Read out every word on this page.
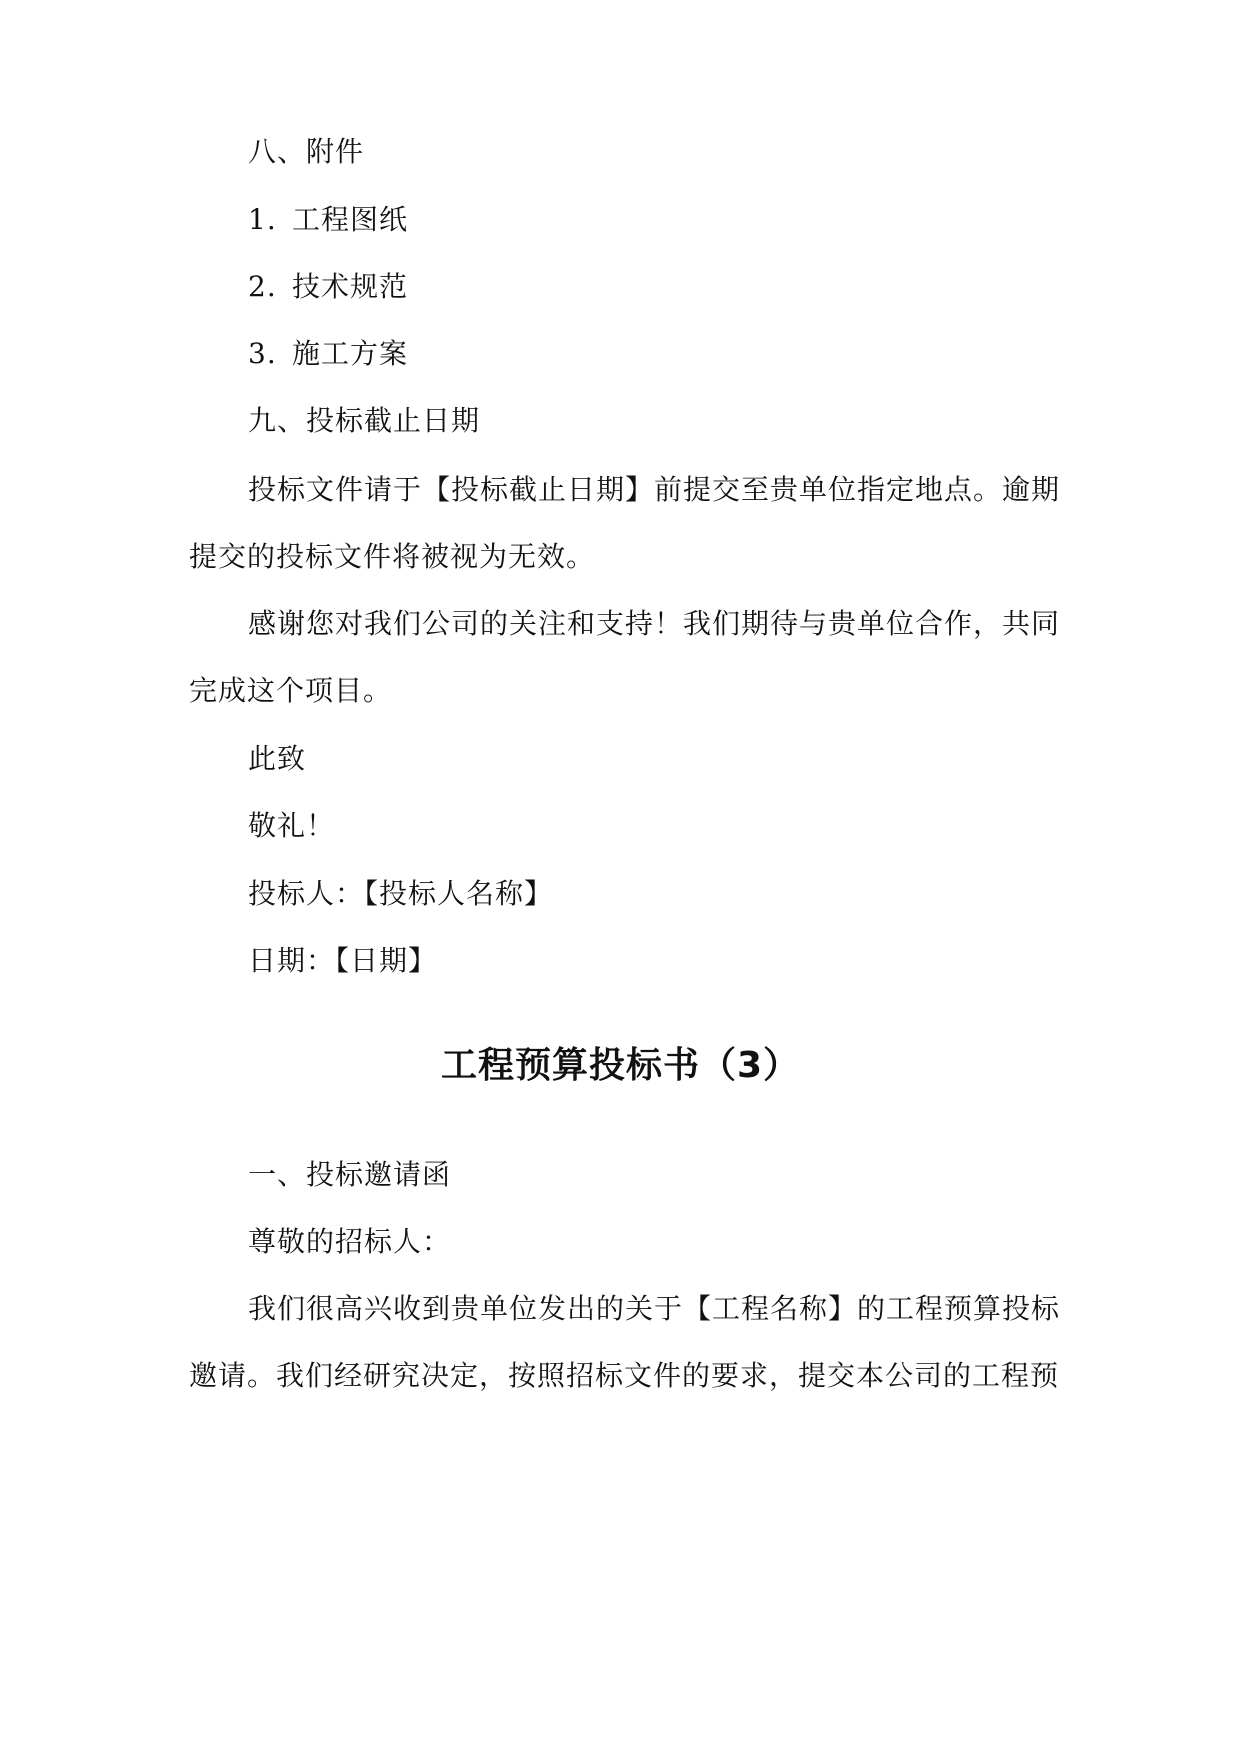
八、附件
1. 工程图纸
2. 技术规范
3. 施工方案
九、投标截止日期
投标文件请于【投标截止日期】前提交至贵单位指定地点。逾期
提交的投标文件将被视为无效。
感谢您对我们公司的关注和支持！我们期待与贵单位合作，共同
完成这个项目。
此致
敬礼！
投标人：【投标人名称】
日期：【日期】
工程预算投标书（3）
一、投标邀请函
尊敬的招标人：
我们很高兴收到贵单位发出的关于【工程名称】的工程预算投标
邀请。我们经研究决定，按照招标文件的要求，提交本公司的工程预
